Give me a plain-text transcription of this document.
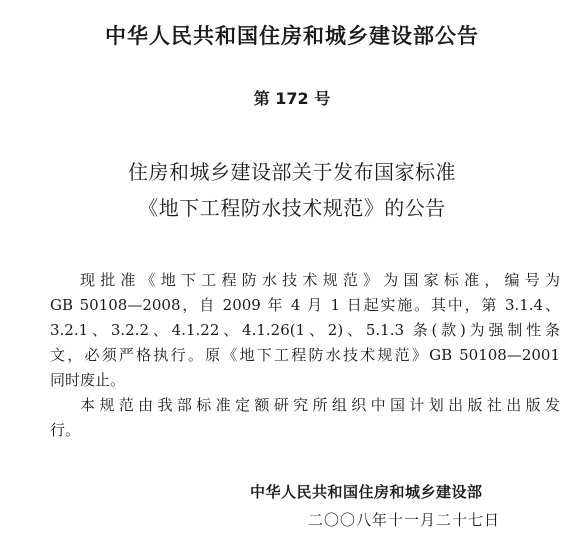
中华人民共和国住房和城乡建设部公告
第 172 号
住房和城乡建设部关于发布国家标准
《地下工程防水技术规范》的公告
现批准《地下工程防水技术规范》为国家标准，编号为
GB 50108—2008，自 2009 年 4 月 1 日起实施。其中，第 3.1.4、
3.2.1、3.2.2、4.1.22、4.1.26(1、2)、5.1.3 条(款)为强制性条
文，必须严格执行。原《地下工程防水技术规范》GB 50108—2001
同时废止。
本规范由我部标准定额研究所组织中国计划出版社出版发
行。
中华人民共和国住房和城乡建设部
二〇〇八年十一月二十七日
